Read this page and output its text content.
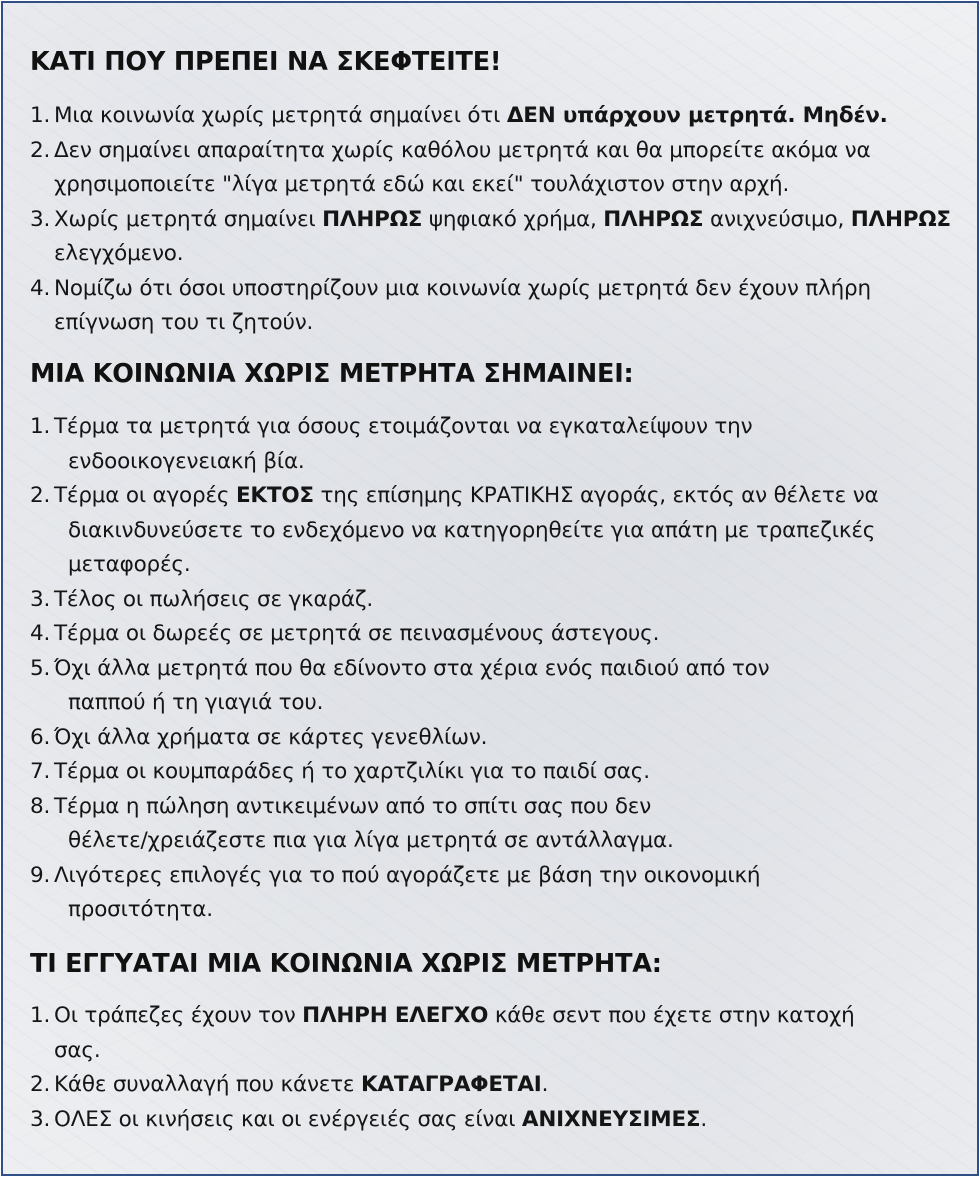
ΚΑΤΙ ΠΟΥ ΠΡΕΠΕΙ ΝΑ ΣΚΕΦΤΕΙΤΕ!
1. Μια κοινωνία χωρίς μετρητά σημαίνει ότι ΔΕΝ υπάρχουν μετρητά. Μηδέν.
2. Δεν σημαίνει απαραίτητα χωρίς καθόλου μετρητά και θα μπορείτε ακόμα να χρησιμοποιείτε "λίγα μετρητά εδώ και εκεί" τουλάχιστον στην αρχή.
3. Χωρίς μετρητά σημαίνει ΠΛΗΡΩΣ ψηφιακό χρήμα, ΠΛΗΡΩΣ ανιχνεύσιμο, ΠΛΗΡΩΣ ελεγχόμενο.
4. Νομίζω ότι όσοι υποστηρίζουν μια κοινωνία χωρίς μετρητά δεν έχουν πλήρη επίγνωση του τι ζητούν.
ΜΙΑ ΚΟΙΝΩΝΙΑ ΧΩΡΙΣ ΜΕΤΡΗΤΑ ΣΗΜΑΙΝΕΙ:
1. Τέρμα τα μετρητά για όσους ετοιμάζονται να εγκαταλείψουν την
ενδοοικογενειακή βία.
2. Τέρμα οι αγορές ΕΚΤΟΣ της επίσημης ΚΡΑΤΙΚΗΣ αγοράς, εκτός αν θέλετε να
διακινδυνεύσετε το ενδεχόμενο να κατηγορηθείτε για απάτη με τραπεζικές
μεταφορές.
3. Τέλος οι πωλήσεις σε γκαράζ.
4. Τέρμα οι δωρεές σε μετρητά σε πεινασμένους άστεγους.
5. Όχι άλλα μετρητά που θα εδίνοντο στα χέρια ενός παιδιού από τον
παππού ή τη γιαγιά του.
6. Όχι άλλα χρήματα σε κάρτες γενεθλίων.
7. Τέρμα οι κουμπαράδες ή το χαρτζιλίκι για το παιδί σας.
8. Τέρμα η πώληση αντικειμένων από το σπίτι σας που δεν
θέλετε/χρειάζεστε πια για λίγα μετρητά σε αντάλλαγμα.
9. Λιγότερες επιλογές για το πού αγοράζετε με βάση την οικονομική
προσιτότητα.
ΤΙ ΕΓΓΥΑΤΑΙ ΜΙΑ ΚΟΙΝΩΝΙΑ ΧΩΡΙΣ ΜΕΤΡΗΤΑ:
1. Οι τράπεζες έχουν τον ΠΛΗΡΗ ΕΛΕΓΧΟ κάθε σεντ που έχετε στην κατοχή
σας.
2. Κάθε συναλλαγή που κάνετε ΚΑΤΑΓΡΑΦΕΤΑΙ.
3. ΟΛΕΣ οι κινήσεις και οι ενέργειές σας είναι ΑΝΙΧΝΕΥΣΙΜΕΣ.
